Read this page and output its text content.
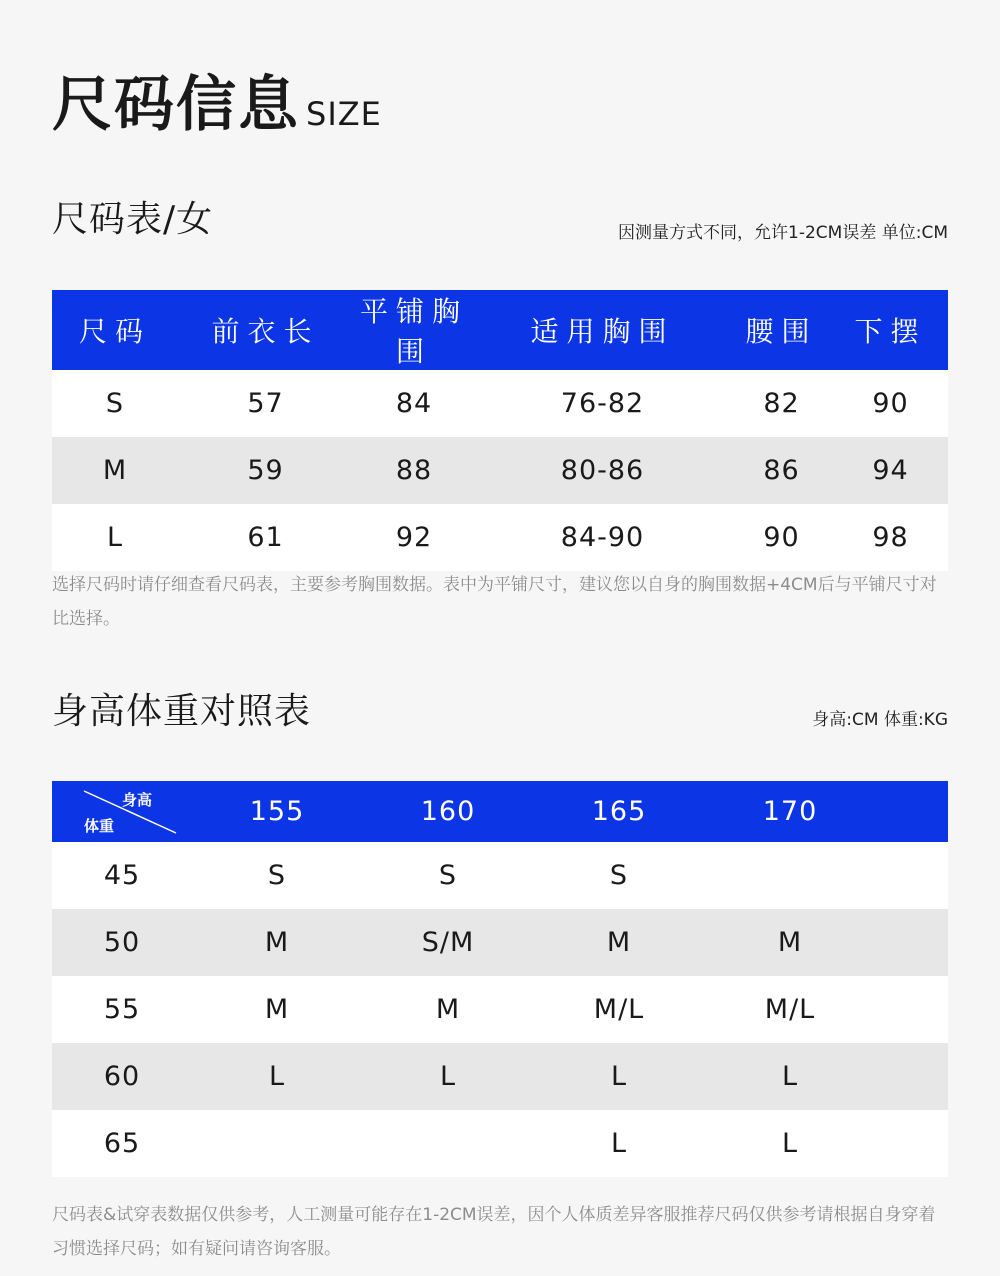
尺码信息 SIZE
尺码表/女	因测量方式不同，允许1-2CM误差 单位:CM
尺码	前衣长	平铺胸围	适用胸围	腰围	下摆
S	57	84	76-82	82	90
M	59	88	80-86	86	94
L	61	92	84-90	90	98

选择尺码时请仔细查看尺码表，主要参考胸围数据。表中为平铺尺寸，建议您以自身的胸围数据+4CM后与平铺尺寸对比选择。

身高体重对照表	身高:CM 体重:KG
身高
体重	155	160	165	170	
45	S	S	S		
50	M	S/M	M	M	
55	M	M	M/L	M/L	
60	L	L	L	L	
65			L	L	

尺码表&试穿表数据仅供参考，人工测量可能存在1-2CM误差，因个人体质差异客服推荐尺码仅供参考请根据自身穿着习惯选择尺码；如有疑问请咨询客服。
